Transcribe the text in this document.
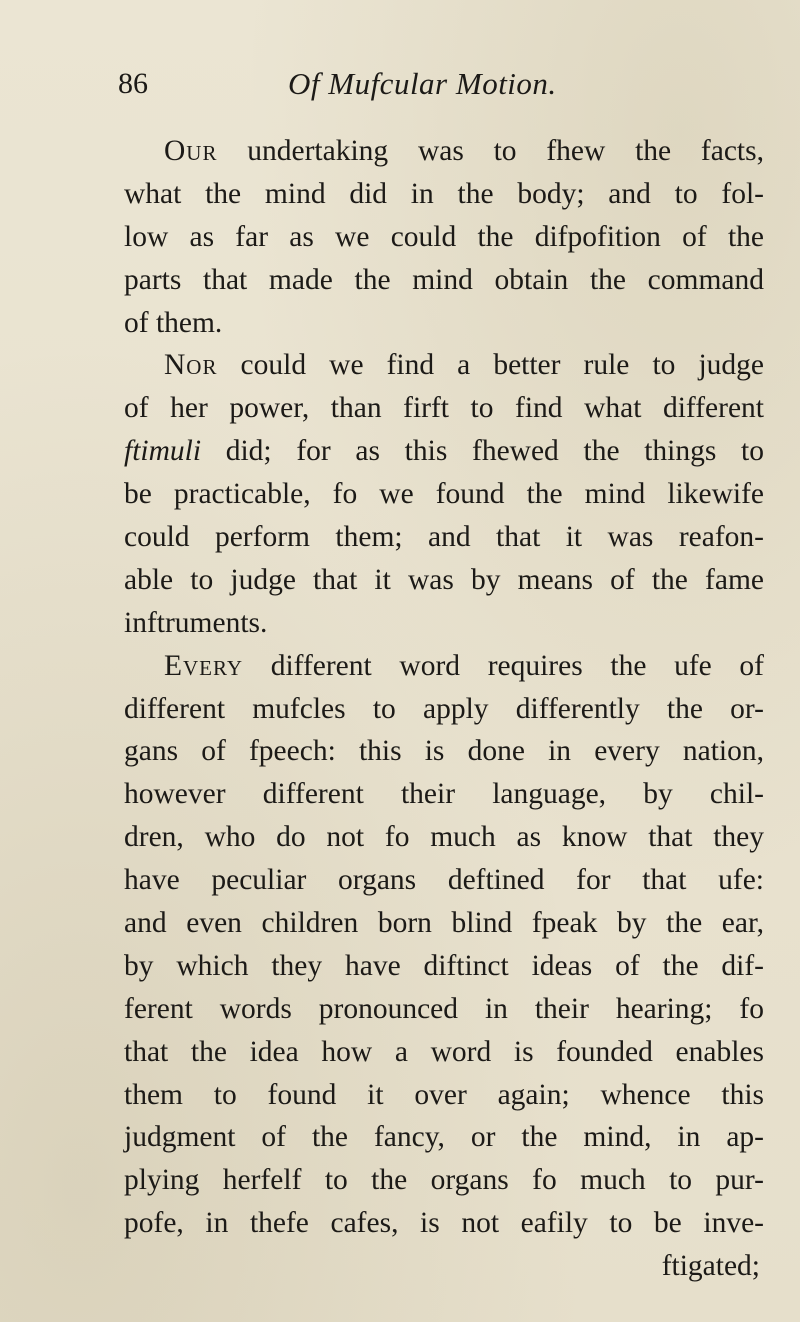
86	Of Mufcular Motion.
Our undertaking was to fhew the facts,
what the mind did in the body; and to fol-
low as far as we could the difpofition of the
parts that made the mind obtain the command
of them.
Nor could we find a better rule to judge
of her power, than firft to find what different
ftimuli did; for as this fhewed the things to
be practicable, fo we found the mind likewife
could perform them; and that it was reafon-
able to judge that it was by means of the fame
inftruments.
Every different word requires the ufe of
different mufcles to apply differently the or-
gans of fpeech: this is done in every nation,
however different their language, by chil-
dren, who do not fo much as know that they
have peculiar organs deftined for that ufe:
and even children born blind fpeak by the ear,
by which they have diftinct ideas of the dif-
ferent words pronounced in their hearing; fo
that the idea how a word is founded enables
them to found it over again; whence this
judgment of the fancy, or the mind, in ap-
plying herfelf to the organs fo much to pur-
pofe, in thefe cafes, is not eafily to be inve-
ftigated;
